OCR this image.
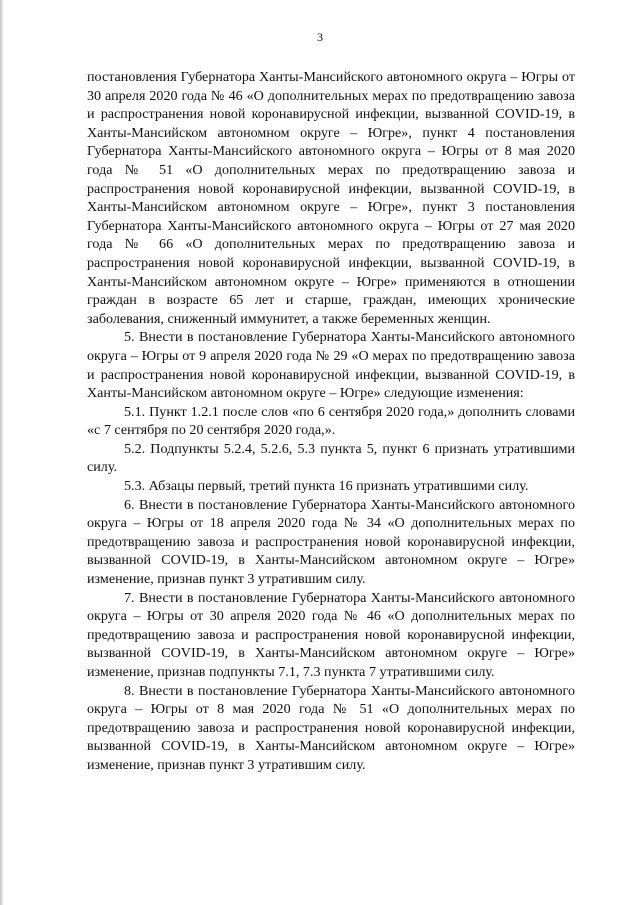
3

постановления Губернатора Ханты-Мансийского автономного округа – Югры от 30 апреля 2020 года № 46 «О дополнительных мерах по предотвращению завоза и распространения новой коронавирусной инфекции, вызванной COVID-19, в Ханты-Мансийском автономном округе – Югре», пункт 4 постановления Губернатора Ханты-Мансийского автономного округа – Югры от 8 мая 2020 года № 51 «О дополнительных мерах по предотвращению завоза и распространения новой коронавирусной инфекции, вызванной COVID-19, в Ханты-Мансийском автономном округе – Югре», пункт 3 постановления Губернатора Ханты-Мансийского автономного округа – Югры от 27 мая 2020 года № 66 «О дополнительных мерах по предотвращению завоза и распространения новой коронавирусной инфекции, вызванной COVID-19, в Ханты-Мансийском автономном округе – Югре» применяются в отношении граждан в возрасте 65 лет и старше, граждан, имеющих хронические заболевания, сниженный иммунитет, а также беременных женщин.

5. Внести в постановление Губернатора Ханты-Мансийского автономного округа – Югры от 9 апреля 2020 года № 29 «О мерах по предотвращению завоза и распространения новой коронавирусной инфекции, вызванной COVID-19, в Ханты-Мансийском автономном округе – Югре» следующие изменения:

5.1. Пункт 1.2.1 после слов «по 6 сентября 2020 года,» дополнить словами «с 7 сентября по 20 сентября 2020 года,».

5.2. Подпункты 5.2.4, 5.2.6, 5.3 пункта 5, пункт 6 признать утратившими силу.

5.3. Абзацы первый, третий пункта 16 признать утратившими силу.

6. Внести в постановление Губернатора Ханты-Мансийского автономного округа – Югры от 18 апреля 2020 года № 34 «О дополнительных мерах по предотвращению завоза и распространения новой коронавирусной инфекции, вызванной COVID-19, в Ханты-Мансийском автономном округе – Югре» изменение, признав пункт 3 утратившим силу.

7. Внести в постановление Губернатора Ханты-Мансийского автономного округа – Югры от 30 апреля 2020 года № 46 «О дополнительных мерах по предотвращению завоза и распространения новой коронавирусной инфекции, вызванной COVID-19, в Ханты-Мансийском автономном округе – Югре» изменение, признав подпункты 7.1, 7.3 пункта 7 утратившими силу.

8. Внести в постановление Губернатора Ханты-Мансийского автономного округа – Югры от 8 мая 2020 года № 51 «О дополнительных мерах по предотвращению завоза и распространения новой коронавирусной инфекции, вызванной COVID-19, в Ханты-Мансийском автономном округе – Югре» изменение, признав пункт 3 утратившим силу.
